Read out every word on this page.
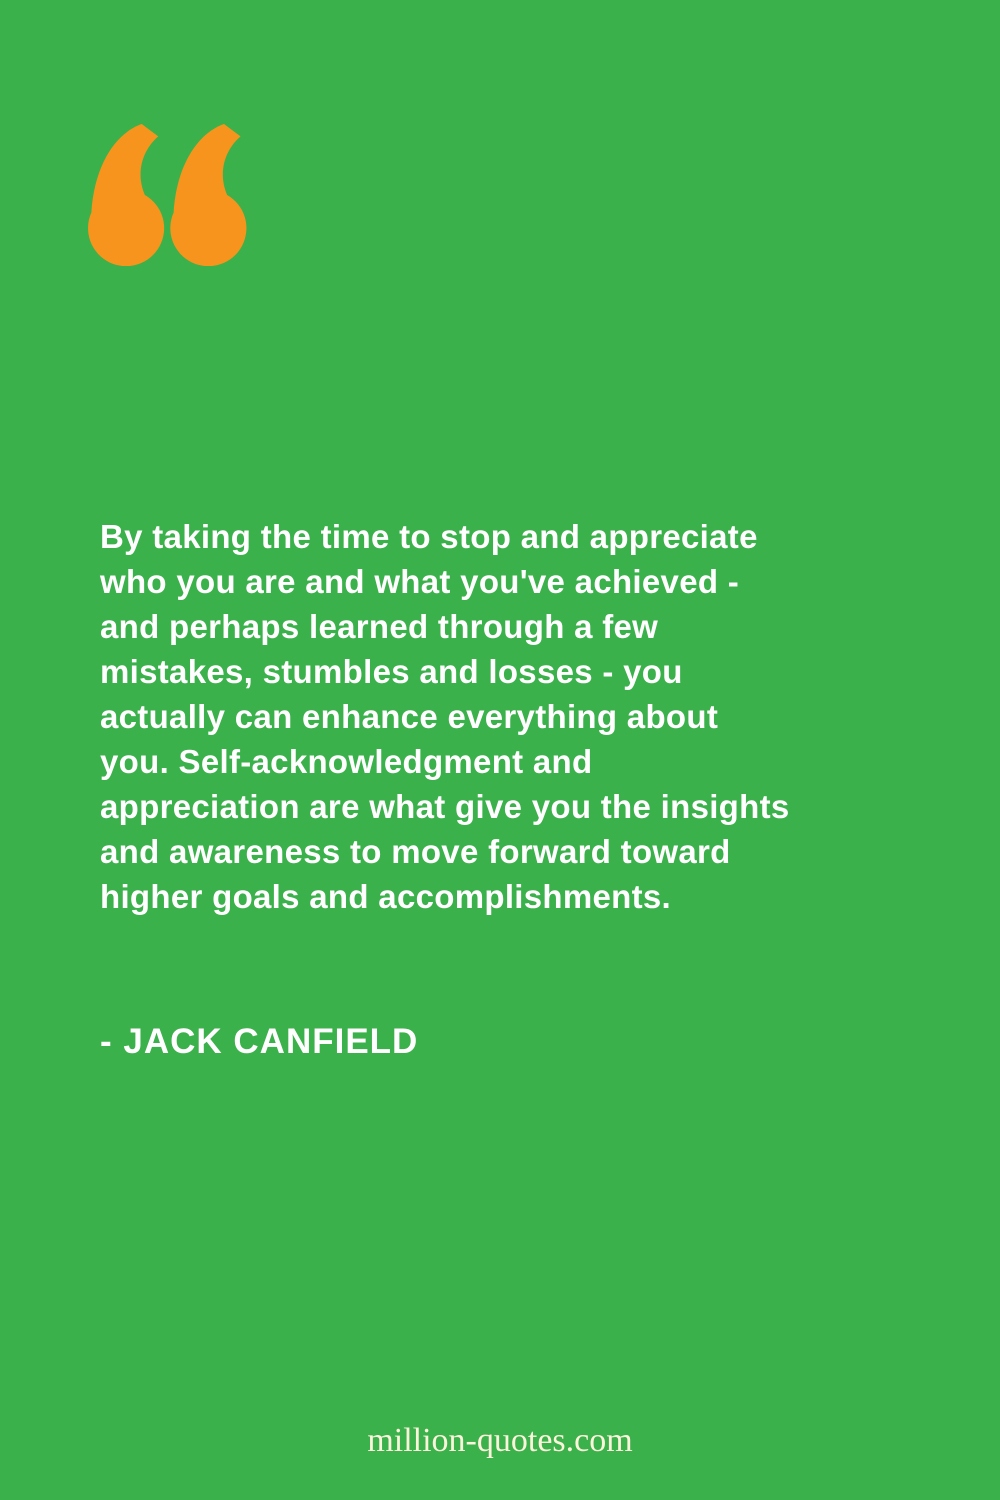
By taking the time to stop and appreciate
who you are and what you've achieved -
and perhaps learned through a few
mistakes, stumbles and losses - you
actually can enhance everything about
you. Self-acknowledgment and
appreciation are what give you the insights
and awareness to move forward toward
higher goals and accomplishments.
- JACK CANFIELD
million-quotes.com
